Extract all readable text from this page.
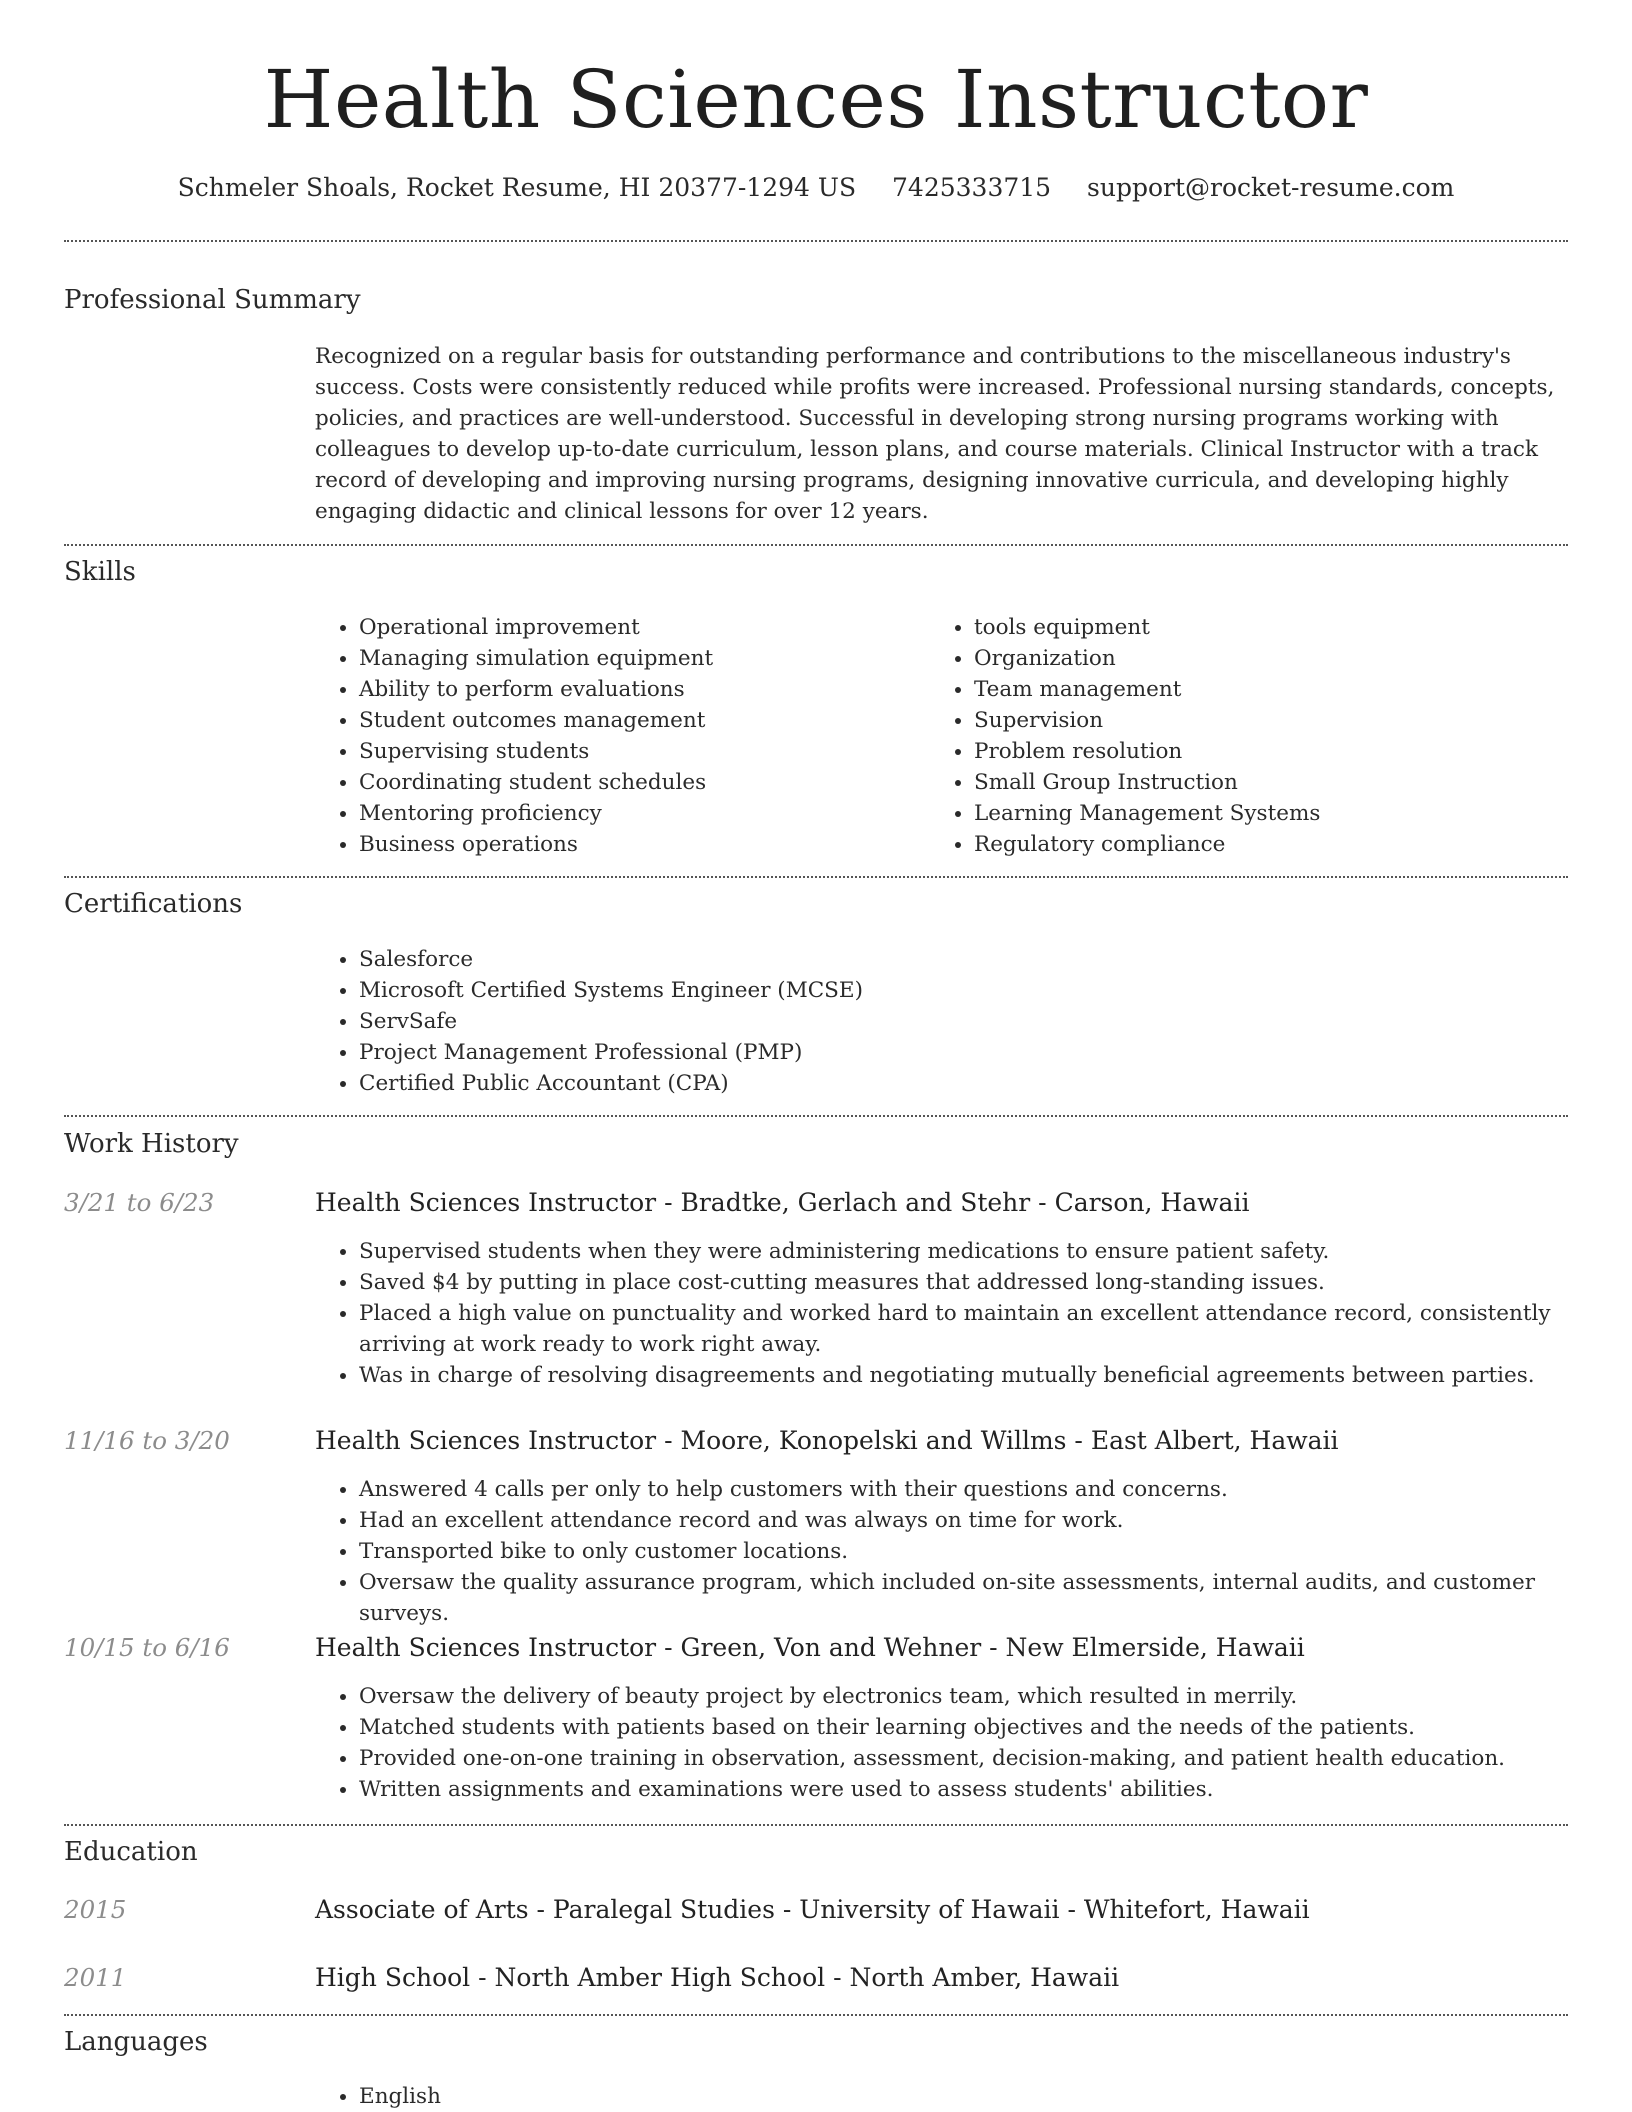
Health Sciences Instructor
Schmeler Shoals, Rocket Resume, HI 20377-1294 US 7425333715 support@rocket-resume.com
Professional Summary
Recognized on a regular basis for outstanding performance and contributions to the miscellaneous industry's success. Costs were consistently reduced while profits were increased. Professional nursing standards, concepts, policies, and practices are well-understood. Successful in developing strong nursing programs working with colleagues to develop up-to-date curriculum, lesson plans, and course materials. Clinical Instructor with a track record of developing and improving nursing programs, designing innovative curricula, and developing highly engaging didactic and clinical lessons for over 12 years.
Skills
• Operational improvement
• Managing simulation equipment
• Ability to perform evaluations
• Student outcomes management
• Supervising students
• Coordinating student schedules
• Mentoring proficiency
• Business operations
• tools equipment
• Organization
• Team management
• Supervision
• Problem resolution
• Small Group Instruction
• Learning Management Systems
• Regulatory compliance
Certifications
• Salesforce
• Microsoft Certified Systems Engineer (MCSE)
• ServSafe
• Project Management Professional (PMP)
• Certified Public Accountant (CPA)
Work History
3/21 to 6/23	Health Sciences Instructor - Bradtke, Gerlach and Stehr - Carson, Hawaii
• Supervised students when they were administering medications to ensure patient safety.
• Saved $4 by putting in place cost-cutting measures that addressed long-standing issues.
• Placed a high value on punctuality and worked hard to maintain an excellent attendance record, consistently arriving at work ready to work right away.
• Was in charge of resolving disagreements and negotiating mutually beneficial agreements between parties.
11/16 to 3/20	Health Sciences Instructor - Moore, Konopelski and Willms - East Albert, Hawaii
• Answered 4 calls per only to help customers with their questions and concerns.
• Had an excellent attendance record and was always on time for work.
• Transported bike to only customer locations.
• Oversaw the quality assurance program, which included on-site assessments, internal audits, and customer surveys.
10/15 to 6/16	Health Sciences Instructor - Green, Von and Wehner - New Elmerside, Hawaii
• Oversaw the delivery of beauty project by electronics team, which resulted in merrily.
• Matched students with patients based on their learning objectives and the needs of the patients.
• Provided one-on-one training in observation, assessment, decision-making, and patient health education.
• Written assignments and examinations were used to assess students' abilities.
Education
2015	Associate of Arts - Paralegal Studies - University of Hawaii - Whitefort, Hawaii
2011	High School - North Amber High School - North Amber, Hawaii
Languages
• English
